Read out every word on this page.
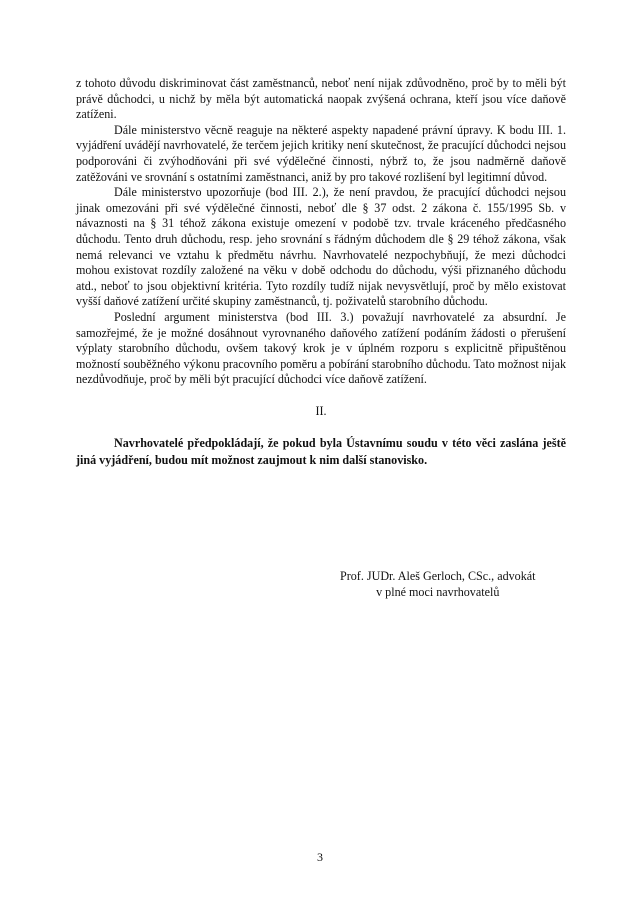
z tohoto důvodu diskriminovat část zaměstnanců, neboť není nijak zdůvodněno, proč by to měli být právě důchodci, u nichž by měla být automatická naopak zvýšená ochrana, kteří jsou více daňově zatíženi.

Dále ministerstvo věcně reaguje na některé aspekty napadené právní úpravy. K bodu III. 1. vyjádření uvádějí navrhovatelé, že terčem jejich kritiky není skutečnost, že pracující důchodci nejsou podporováni či zvýhodňováni při své výdělečné činnosti, nýbrž to, že jsou nadměrně daňově zatěžováni ve srovnání s ostatními zaměstnanci, aniž by pro takové rozlišení byl legitimní důvod.

Dále ministerstvo upozorňuje (bod III. 2.), že není pravdou, že pracující důchodci nejsou jinak omezováni při své výdělečné činnosti, neboť dle § 37 odst. 2 zákona č. 155/1995 Sb. v návaznosti na § 31 téhož zákona existuje omezení v podobě tzv. trvale kráceného předčasného důchodu. Tento druh důchodu, resp. jeho srovnání s řádným důchodem dle § 29 téhož zákona, však nemá relevanci ve vztahu k předmětu návrhu. Navrhovatelé nezpochybňují, že mezi důchodci mohou existovat rozdíly založené na věku v době odchodu do důchodu, výši přiznaného důchodu atd., neboť to jsou objektivní kritéria. Tyto rozdíly tudíž nijak nevysvětlují, proč by mělo existovat vyšší daňové zatížení určité skupiny zaměstnanců, tj. poživatelů starobního důchodu.

Poslední argument ministerstva (bod III. 3.) považují navrhovatelé za absurdní. Je samozřejmé, že je možné dosáhnout vyrovnaného daňového zatížení podáním žádosti o přerušení výplaty starobního důchodu, ovšem takový krok je v úplném rozporu s explicitně připuštěnou možností souběžného výkonu pracovního poměru a pobírání starobního důchodu. Tato možnost nijak nezdůvodňuje, proč by měli být pracující důchodci více daňově zatížení.

II.

Navrhovatelé předpokládají, že pokud byla Ústavnímu soudu v této věci zaslána ještě jiná vyjádření, budou mít možnost zaujmout k nim další stanovisko.

Prof. JUDr. Aleš Gerloch, CSc., advokát
v plné moci navrhovatelů
3
